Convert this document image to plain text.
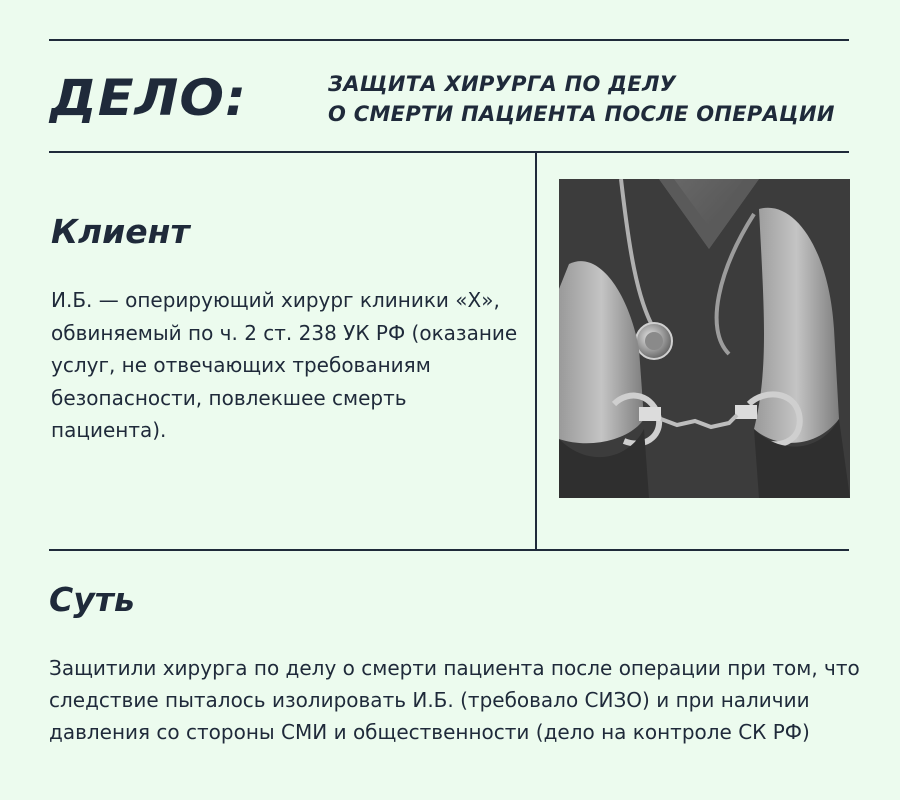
ДЕЛО:	ЗАЩИТА ХИРУРГА ПО ДЕЛУ
О СМЕРТИ ПАЦИЕНТА ПОСЛЕ ОПЕРАЦИИ
Клиент
И.Б. — оперирующий хирург клиники «Х», обвиняемый по ч. 2 ст. 238 УК РФ (оказание услуг, не отвечающих требованиям безопасности, повлекшее смерть пациента).
Суть
Защитили хирурга по делу о смерти пациента после операции при том, что следствие пыталось изолировать И.Б. (требовало СИЗО) и при наличии давления со стороны СМИ и общественности (дело на контроле СК РФ)
